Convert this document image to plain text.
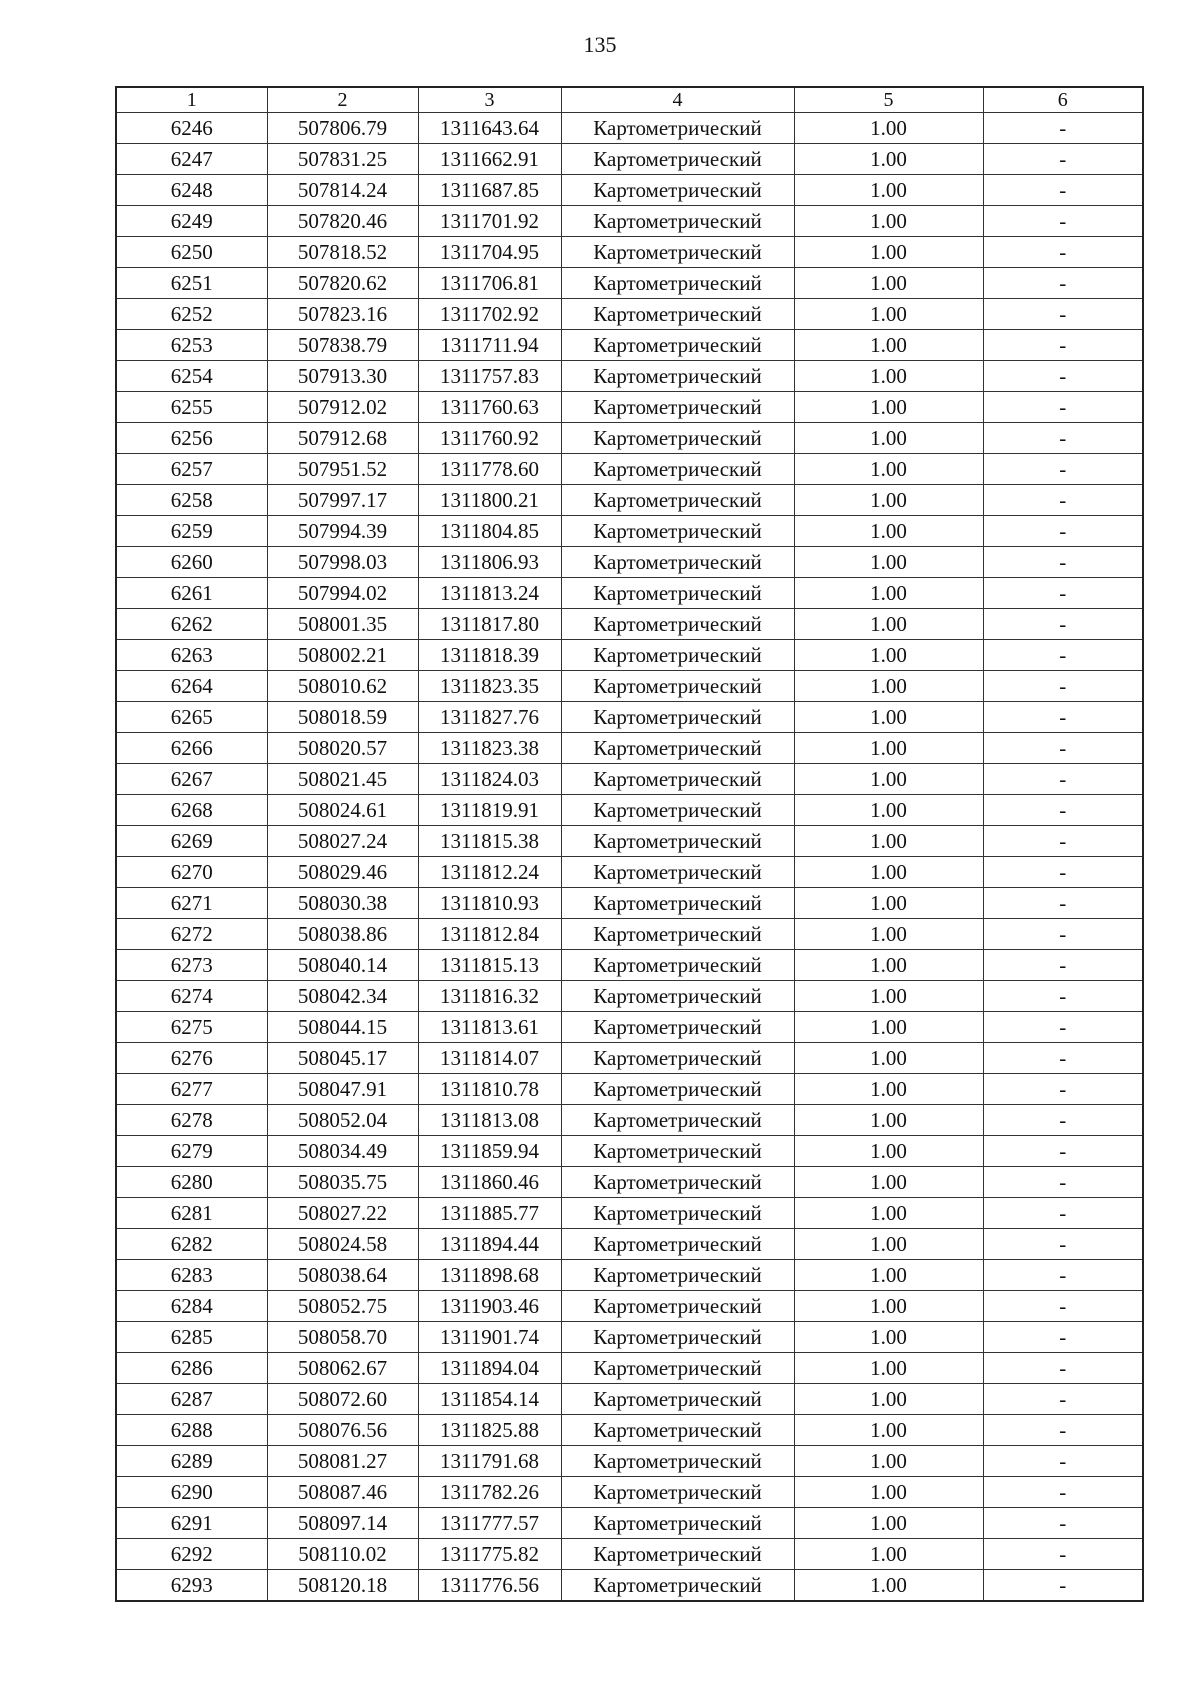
135
1	2	3	4	5	6
6246	507806.79	1311643.64	Картометрический	1.00	-
6247	507831.25	1311662.91	Картометрический	1.00	-
6248	507814.24	1311687.85	Картометрический	1.00	-
6249	507820.46	1311701.92	Картометрический	1.00	-
6250	507818.52	1311704.95	Картометрический	1.00	-
6251	507820.62	1311706.81	Картометрический	1.00	-
6252	507823.16	1311702.92	Картометрический	1.00	-
6253	507838.79	1311711.94	Картометрический	1.00	-
6254	507913.30	1311757.83	Картометрический	1.00	-
6255	507912.02	1311760.63	Картометрический	1.00	-
6256	507912.68	1311760.92	Картометрический	1.00	-
6257	507951.52	1311778.60	Картометрический	1.00	-
6258	507997.17	1311800.21	Картометрический	1.00	-
6259	507994.39	1311804.85	Картометрический	1.00	-
6260	507998.03	1311806.93	Картометрический	1.00	-
6261	507994.02	1311813.24	Картометрический	1.00	-
6262	508001.35	1311817.80	Картометрический	1.00	-
6263	508002.21	1311818.39	Картометрический	1.00	-
6264	508010.62	1311823.35	Картометрический	1.00	-
6265	508018.59	1311827.76	Картометрический	1.00	-
6266	508020.57	1311823.38	Картометрический	1.00	-
6267	508021.45	1311824.03	Картометрический	1.00	-
6268	508024.61	1311819.91	Картометрический	1.00	-
6269	508027.24	1311815.38	Картометрический	1.00	-
6270	508029.46	1311812.24	Картометрический	1.00	-
6271	508030.38	1311810.93	Картометрический	1.00	-
6272	508038.86	1311812.84	Картометрический	1.00	-
6273	508040.14	1311815.13	Картометрический	1.00	-
6274	508042.34	1311816.32	Картометрический	1.00	-
6275	508044.15	1311813.61	Картометрический	1.00	-
6276	508045.17	1311814.07	Картометрический	1.00	-
6277	508047.91	1311810.78	Картометрический	1.00	-
6278	508052.04	1311813.08	Картометрический	1.00	-
6279	508034.49	1311859.94	Картометрический	1.00	-
6280	508035.75	1311860.46	Картометрический	1.00	-
6281	508027.22	1311885.77	Картометрический	1.00	-
6282	508024.58	1311894.44	Картометрический	1.00	-
6283	508038.64	1311898.68	Картометрический	1.00	-
6284	508052.75	1311903.46	Картометрический	1.00	-
6285	508058.70	1311901.74	Картометрический	1.00	-
6286	508062.67	1311894.04	Картометрический	1.00	-
6287	508072.60	1311854.14	Картометрический	1.00	-
6288	508076.56	1311825.88	Картометрический	1.00	-
6289	508081.27	1311791.68	Картометрический	1.00	-
6290	508087.46	1311782.26	Картометрический	1.00	-
6291	508097.14	1311777.57	Картометрический	1.00	-
6292	508110.02	1311775.82	Картометрический	1.00	-
6293	508120.18	1311776.56	Картометрический	1.00	-
